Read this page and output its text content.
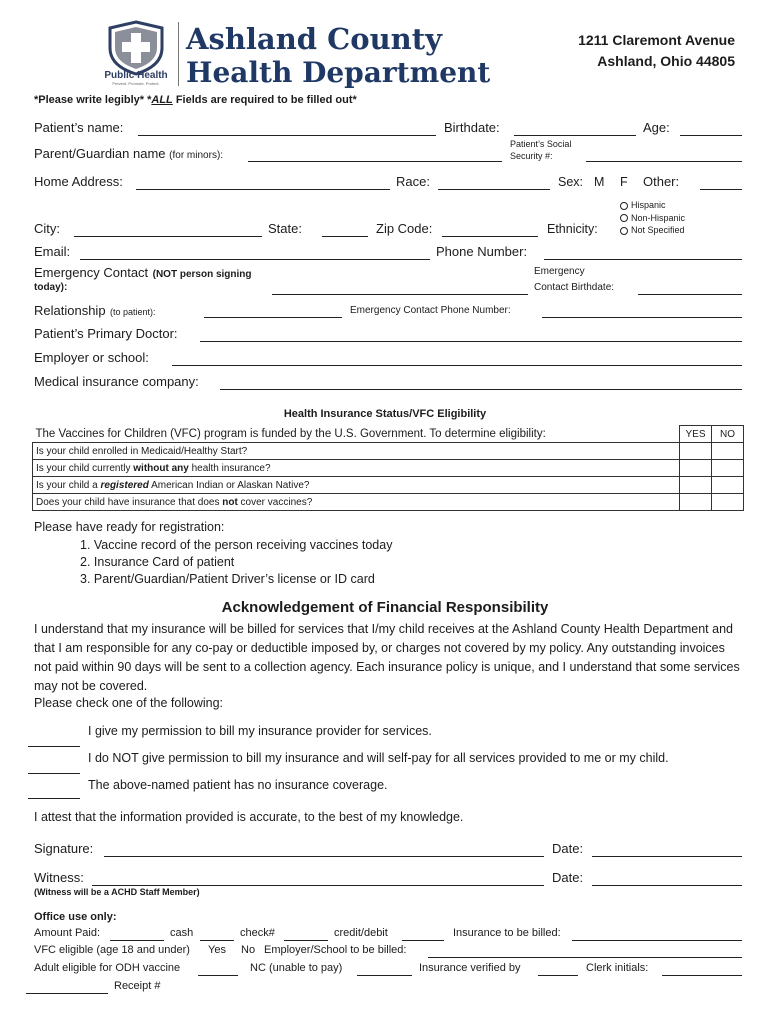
Public Health
Prevent. Promote. Protect.
Ashland County
Health Department
1211 Claremont Avenue
Ashland, Ohio 44805
*Please write legibly* *ALL Fields are required to be filled out*
Patient’s name:	Birthdate:	Age:
Parent/Guardian name (for minors):
Patient’s Social
Security #:
Home Address:	Race:	Sex: M F Other:
City:	State:	Zip Code:	Ethnicity:
Hispanic
Non-Hispanic
Not Specified
Email:	Phone Number:
Emergency Contact (NOT person signing
today):
Emergency
Contact Birthdate:
Relationship (to patient):	Emergency Contact Phone Number:
Patient’s Primary Doctor:
Employer or school:
Medical insurance company:
Health Insurance Status/VFC Eligibility
The Vaccines for Children (VFC) program is funded by the U.S. Government. To determine eligibility:	YES	NO
Is your child enrolled in Medicaid/Healthy Start?		
Is your child currently without any health insurance?		
Is your child a registered American Indian or Alaskan Native?		
Does your child have insurance that does not cover vaccines?		
Please have ready for registration:
1. Vaccine record of the person receiving vaccines today
2. Insurance Card of patient
3. Parent/Guardian/Patient Driver’s license or ID card
Acknowledgement of Financial Responsibility
I understand that my insurance will be billed for services that I/my child receives at the Ashland County Health Department and that I am responsible for any co-pay or deductible imposed by, or charges not covered by my policy. Any outstanding invoices not paid within 90 days will be sent to a collection agency. Each insurance policy is unique, and I understand that some services may not be covered.
Please check one of the following:
I give my permission to bill my insurance provider for services.
I do NOT give permission to bill my insurance and will self-pay for all services provided to me or my child.
The above-named patient has no insurance coverage.
I attest that the information provided is accurate, to the best of my knowledge.
Signature:	Date:
Witness:	Date:
(Witness will be a ACHD Staff Member)
Office use only:
Amount Paid:	cash	check#	credit/debit	Insurance to be billed:
VFC eligible (age 18 and under) Yes No Employer/School to be billed:
Adult eligible for ODH vaccine	NC (unable to pay)	Insurance verified by	Clerk initials:
Receipt #
